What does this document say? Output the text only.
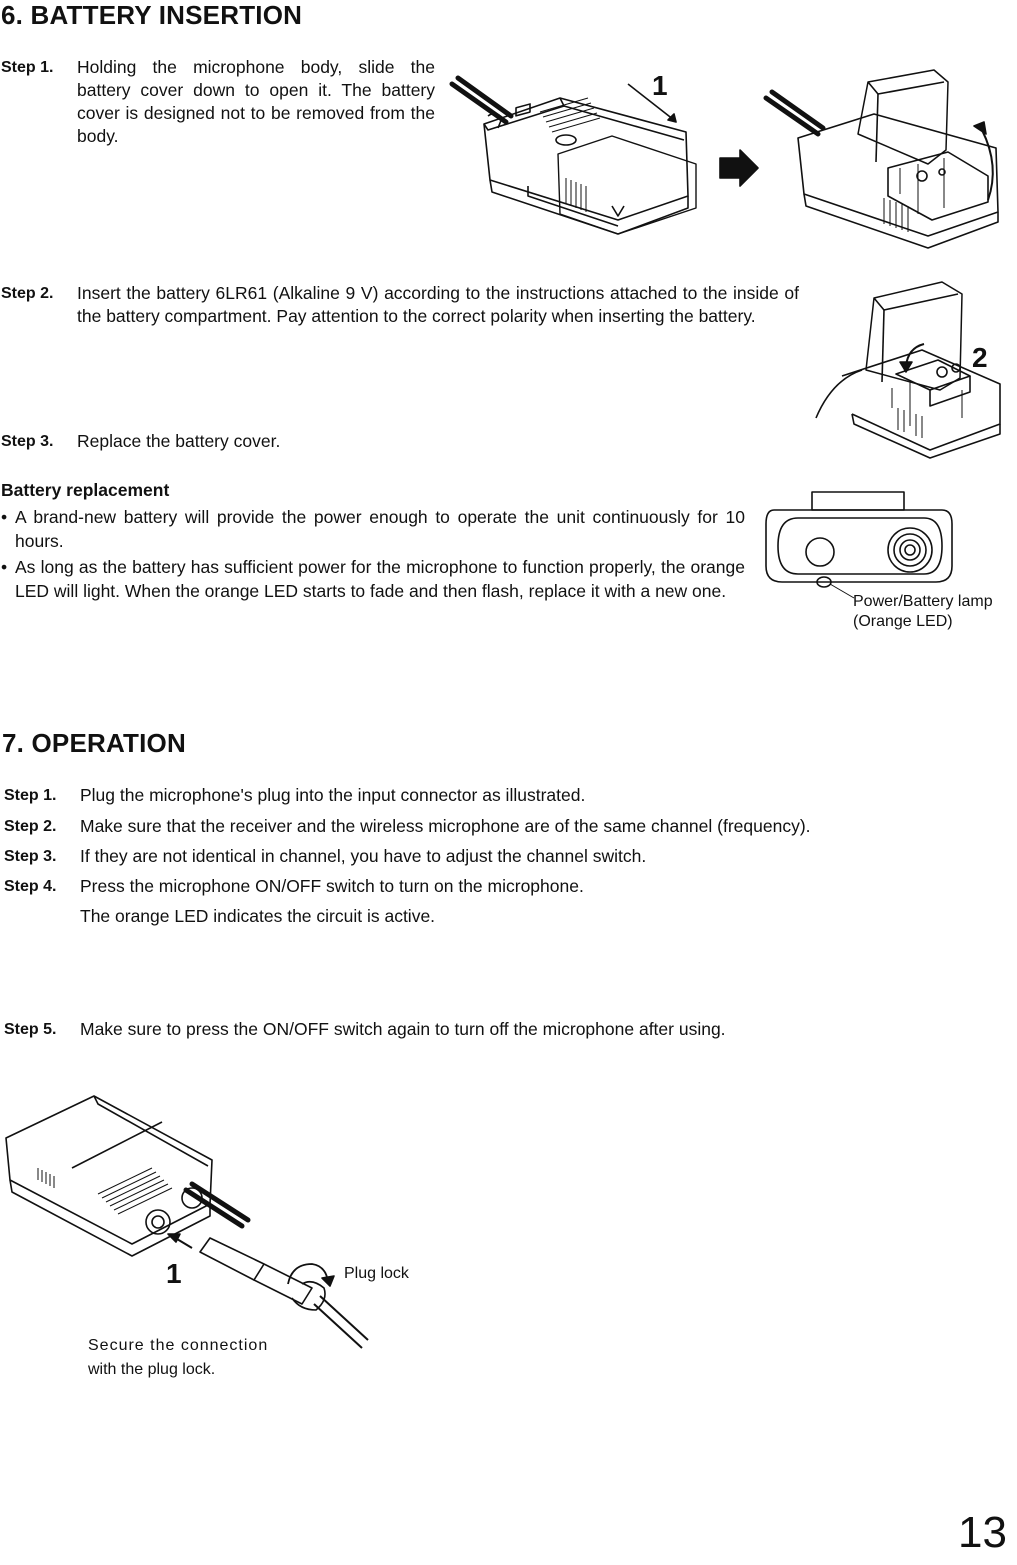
6. BATTERY INSERTION
Step 1. Holding the microphone body, slide the battery cover down to open it. The battery cover is designed not to be removed from the body.
1
Step 2. Insert the battery 6LR61 (Alkaline 9 V) according to the instructions attached to the inside of the battery compartment. Pay attention to the correct polarity when inserting the battery.
2
Step 3. Replace the battery cover.
Battery replacement
• A brand-new battery will provide the power enough to operate the unit continuously for 10 hours.
• As long as the battery has sufficient power for the microphone to function properly, the orange LED will light. When the orange LED starts to fade and then flash, replace it with a new one.
Power/Battery lamp
(Orange LED)
7. OPERATION
Step 1. Plug the microphone's plug into the input connector as illustrated.
Step 2. Make sure that the receiver and the wireless microphone are of the same channel (frequency).
Step 3. If they are not identical in channel, you have to adjust the channel switch.
Step 4. Press the microphone ON/OFF switch to turn on the microphone.
The orange LED indicates the circuit is active.
Step 5. Make sure to press the ON/OFF switch again to turn off the microphone after using.
1	Plug lock
Secure the connection
with the plug lock.
13
